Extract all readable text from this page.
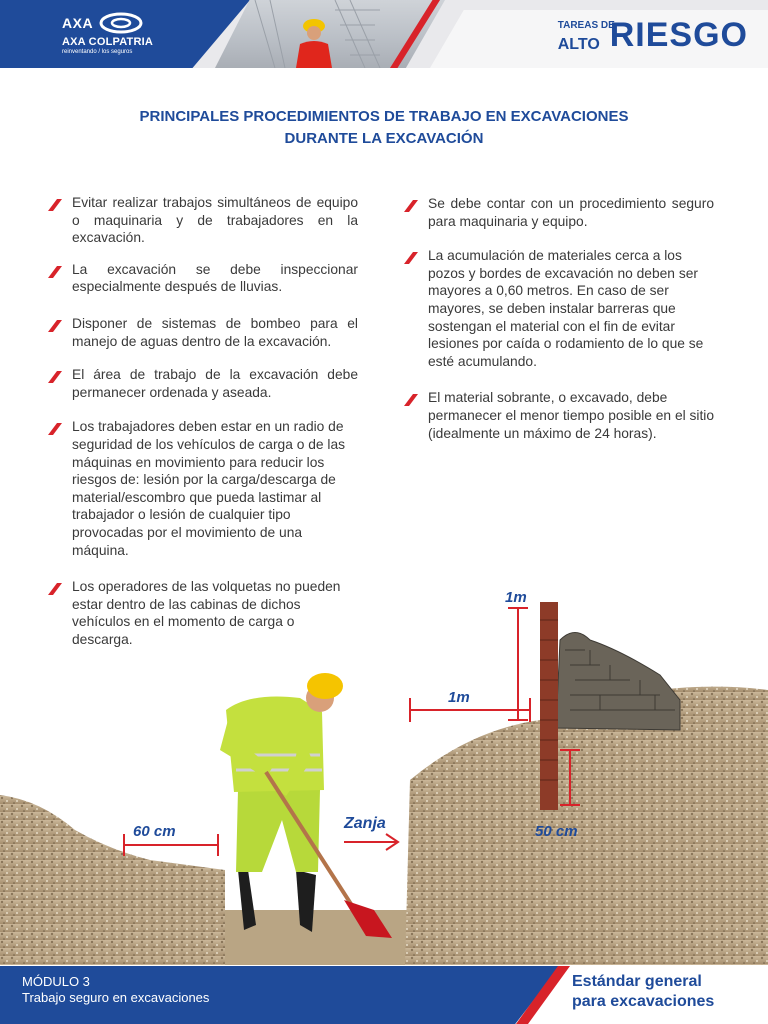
AXA
AXA COLPATRIA
reinventando / los seguros
TAREAS DE
ALTO RIESGO
PRINCIPALES PROCEDIMIENTOS DE TRABAJO EN EXCAVACIONES
DURANTE LA EXCAVACIÓN
Evitar realizar trabajos simultáneos de equipo o maquinaria y de trabajadores en la excavación.
La excavación se debe inspeccionar especialmente después de lluvias.
Disponer de sistemas de bombeo para el manejo de aguas dentro de la excavación.
El área de trabajo de la excavación debe permanecer ordenada y aseada.
Los trabajadores deben estar en un radio de seguridad de los vehículos de carga o de las máquinas en movimiento para reducir los riesgos de: lesión por la carga/descarga de material/escombro que pueda lastimar al trabajador o lesión de cualquier tipo provocadas por el movimiento de una máquina.
Los operadores de las volquetas no pueden estar dentro de las cabinas de dichos vehículos en el momento de carga o descarga.
Se debe contar con un procedimiento seguro para maquinaria y equipo.
La acumulación de materiales cerca a los pozos y bordes de excavación no deben ser mayores a 0,60 metros. En caso de ser mayores, se deben instalar barreras que sostengan el material con el fin de evitar lesiones por caída o rodamiento de lo que se esté acumulando.
El material sobrante, o excavado, debe permanecer el menor tiempo posible en el sitio (idealmente un máximo de 24 horas).
1m
1m
60 cm	Zanja	50 cm
MÓDULO 3
Trabajo seguro en excavaciones
Estándar general
para excavaciones
